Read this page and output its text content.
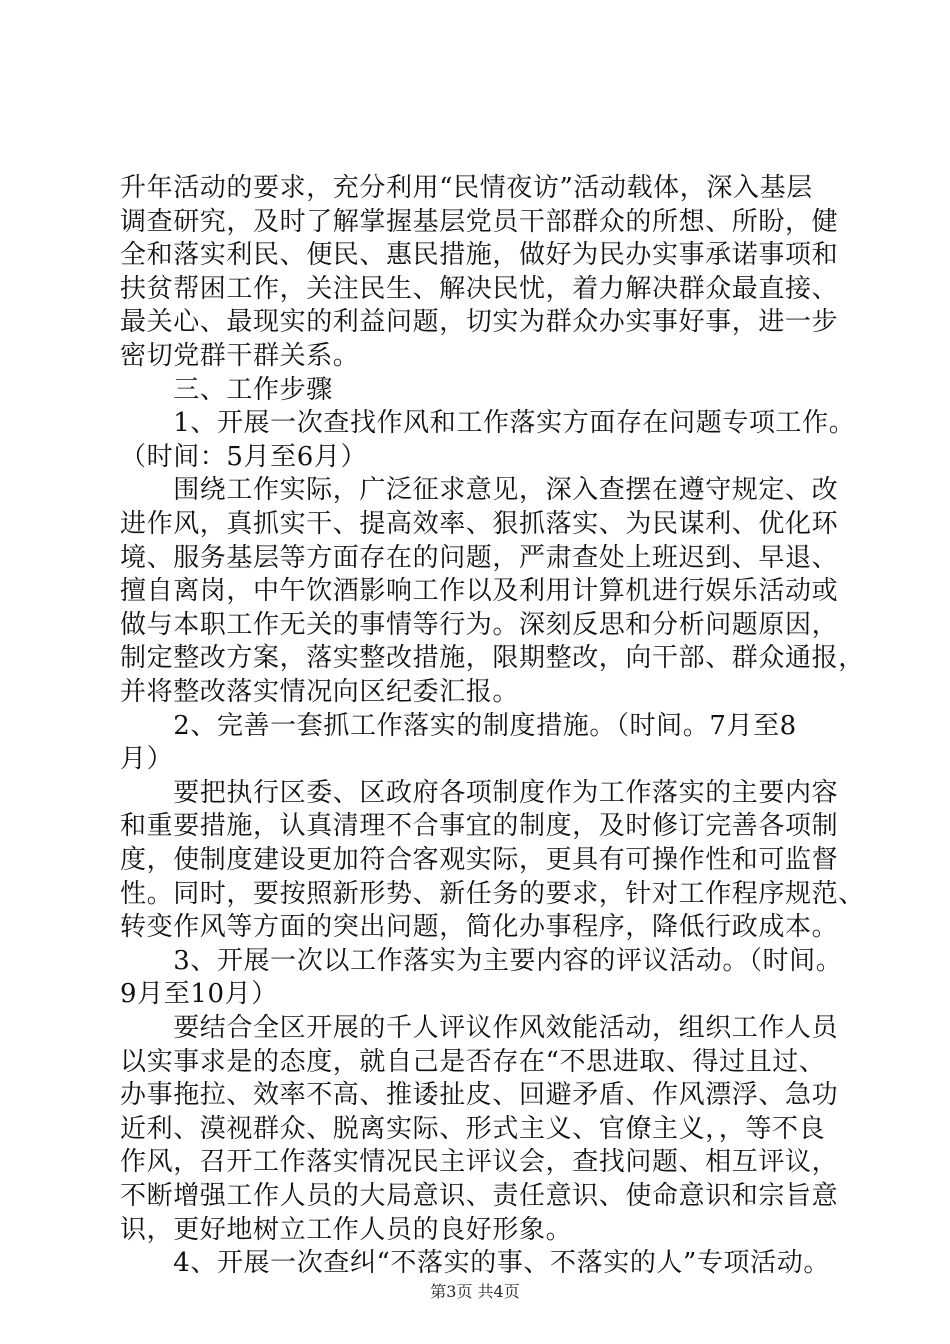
升年活动的要求，充分利用“民情夜访”活动载体，深入基层
调查研究，及时了解掌握基层党员干部群众的所想、所盼，健
全和落实利民、便民、惠民措施，做好为民办实事承诺事项和
扶贫帮困工作，关注民生、解决民忧，着力解决群众最直接、
最关心、最现实的利益问题，切实为群众办实事好事，进一步
密切党群干群关系。
　　三、工作步骤
　　1、开展一次查找作风和工作落实方面存在问题专项工作。
（时间：5月至6月）
　　围绕工作实际，广泛征求意见，深入查摆在遵守规定、改
进作风，真抓实干、提高效率、狠抓落实、为民谋利、优化环
境、服务基层等方面存在的问题，严肃查处上班迟到、早退、
擅自离岗，中午饮酒影响工作以及利用计算机进行娱乐活动或
做与本职工作无关的事情等行为。深刻反思和分析问题原因，
制定整改方案，落实整改措施，限期整改，向干部、群众通报，
并将整改落实情况向区纪委汇报。
　　2、完善一套抓工作落实的制度措施。（时间。7月至8
月）
　　要把执行区委、区政府各项制度作为工作落实的主要内容
和重要措施，认真清理不合事宜的制度，及时修订完善各项制
度，使制度建设更加符合客观实际，更具有可操作性和可监督
性。同时，要按照新形势、新任务的要求，针对工作程序规范、
转变作风等方面的突出问题，简化办事程序，降低行政成本。
　　3、开展一次以工作落实为主要内容的评议活动。（时间。
9月至10月）
　　要结合全区开展的千人评议作风效能活动，组织工作人员
以实事求是的态度，就自己是否存在“不思进取、得过且过、
办事拖拉、效率不高、推诿扯皮、回避矛盾、作风漂浮、急功
近利、漠视群众、脱离实际、形式主义、官僚主义，，等不良
作风，召开工作落实情况民主评议会，查找问题、相互评议，
不断增强工作人员的大局意识、责任意识、使命意识和宗旨意
识，更好地树立工作人员的良好形象。
　　4、开展一次查纠“不落实的事、不落实的人”专项活动。
第3页 共4页
